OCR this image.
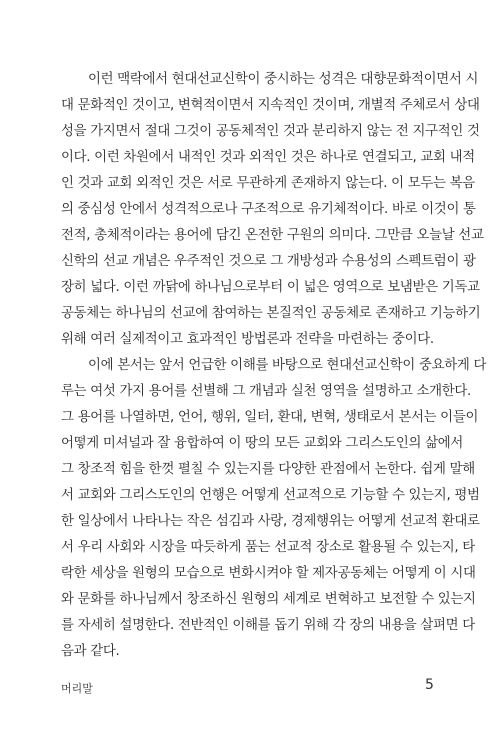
이런 맥락에서 현대선교신학이 중시하는 성격은 대향문화적이면서 시
대 문화적인 것이고, 변혁적이면서 지속적인 것이며, 개별적 주체로서 상대
성을 가지면서 절대 그것이 공동체적인 것과 분리하지 않는 전 지구적인 것
이다. 이런 차원에서 내적인 것과 외적인 것은 하나로 연결되고, 교회 내적
인 것과 교회 외적인 것은 서로 무관하게 존재하지 않는다. 이 모두는 복음
의 중심성 안에서 성격적으로나 구조적으로 유기체적이다. 바로 이것이 통
전적, 총체적이라는 용어에 담긴 온전한 구원의 의미다. 그만큼 오늘날 선교
신학의 선교 개념은 우주적인 것으로 그 개방성과 수용성의 스펙트럼이 광
장히 넓다. 이런 까닭에 하나님으로부터 이 넓은 영역으로 보냄받은 기독교
공동체는 하나님의 선교에 참여하는 본질적인 공동체로 존재하고 기능하기
위해 여러 실제적이고 효과적인 방법론과 전략을 마련하는 중이다.
이에 본서는 앞서 언급한 이해를 바탕으로 현대선교신학이 중요하게 다
루는 여섯 가지 용어를 선별해 그 개념과 실천 영역을 설명하고 소개한다.
그 용어를 나열하면, 언어, 행위, 일터, 환대, 변혁, 생태로서 본서는 이들이
어떻게 미셔널과 잘 융합하여 이 땅의 모든 교회와 그리스도인의 삶에서
그 창조적 힘을 한껏 펼칠 수 있는지를 다양한 관점에서 논한다. 쉽게 말해
서 교회와 그리스도인의 언행은 어떻게 선교적으로 기능할 수 있는지, 평범
한 일상에서 나타나는 작은 섬김과 사랑, 경제행위는 어떻게 선교적 환대로
서 우리 사회와 시장을 따듯하게 품는 선교적 장소로 활용될 수 있는지, 타
락한 세상을 원형의 모습으로 변화시켜야 할 제자공동체는 어떻게 이 시대
와 문화를 하나님께서 창조하신 원형의 세계로 변혁하고 보전할 수 있는지
를 자세히 설명한다. 전반적인 이해를 돕기 위해 각 장의 내용을 살펴면 다
음과 같다.
머리말	5
